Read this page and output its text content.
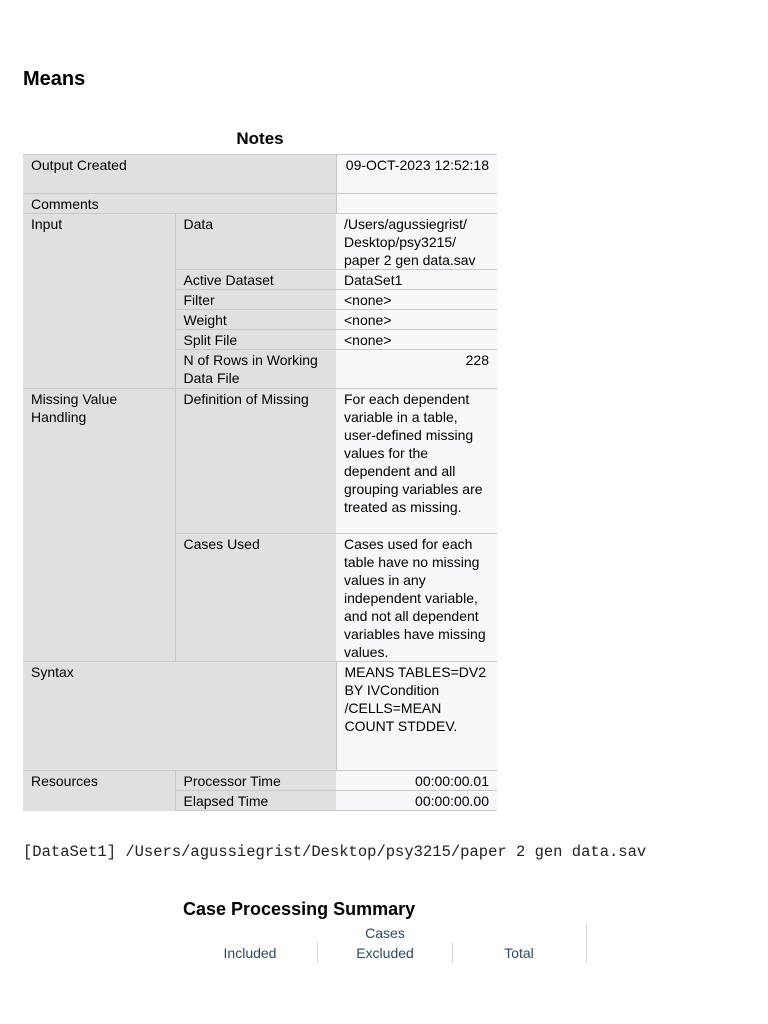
Means
Notes
Output Created		09-OCT-2023 12:52:18
Comments		
Input	Data	/Users/agussiegrist/ Desktop/psy3215/ paper 2 gen data.sav
	Active Dataset	DataSet1
	Filter	<none>
	Weight	<none>
	Split File	<none>
	N of Rows in Working Data File	228
Missing Value Handling	Definition of Missing	For each dependent variable in a table, user-defined missing values for the dependent and all grouping variables are treated as missing.
	Cases Used	Cases used for each table have no missing values in any independent variable, and not all dependent variables have missing values.
Syntax		MEANS TABLES=DV2 BY IVCondition /CELLS=MEAN COUNT STDDEV.
Resources	Processor Time	00:00:00.01
	Elapsed Time	00:00:00.00
[DataSet1] /Users/agussiegrist/Desktop/psy3215/paper 2 gen data.sav
Case Processing Summary
Cases
Included	Excluded	Total
